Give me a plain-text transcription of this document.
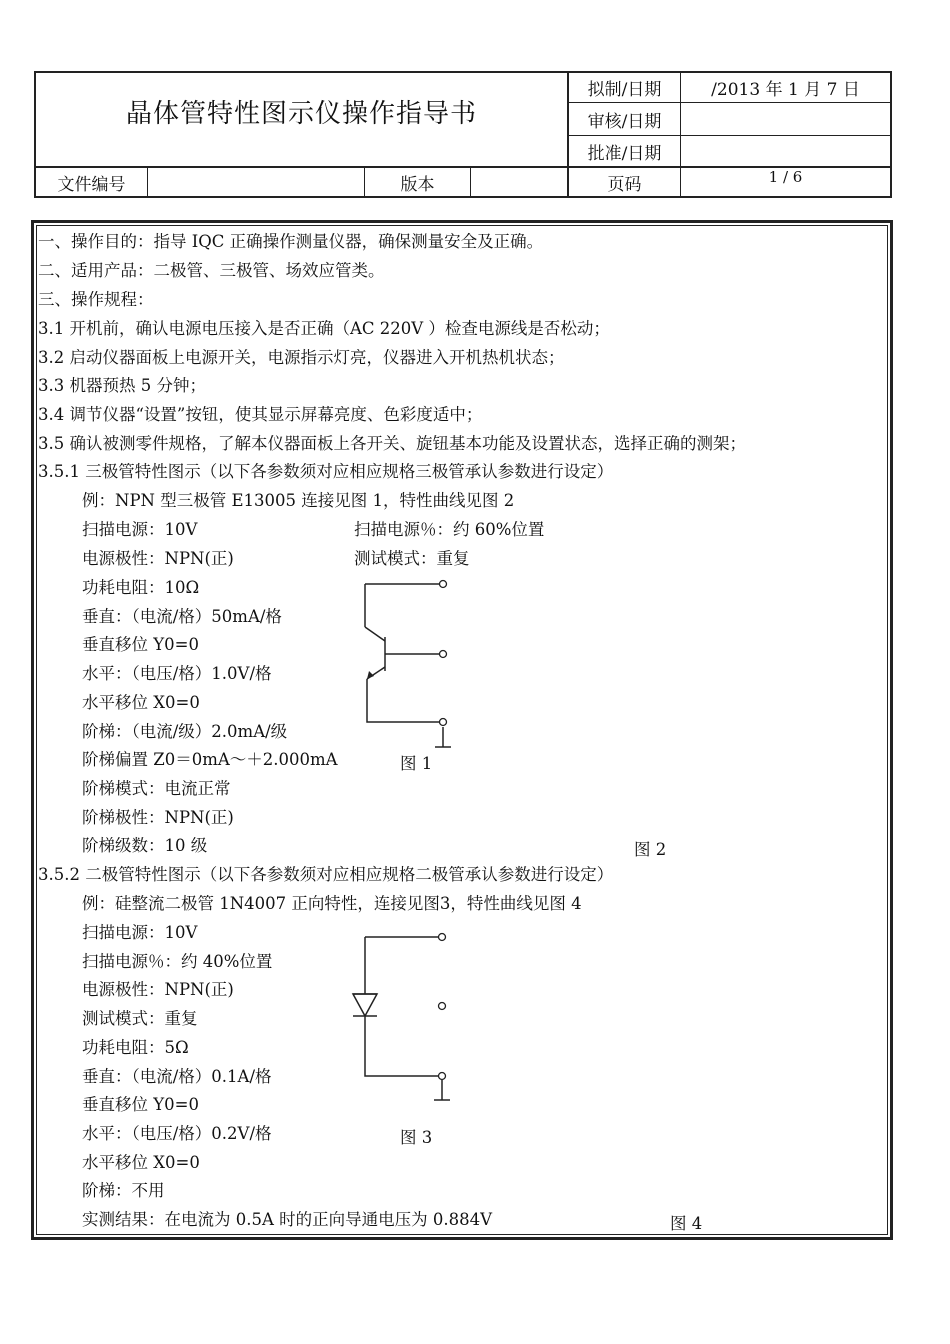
晶体管特性图示仪操作指导书
拟制/日期	/2013 年 1 月 7 日
审核/日期
批准/日期
文件编号	版本	页码	1 / 6
一、操作目的：指导 IQC 正确操作测量仪器，确保测量安全及正确。
二、适用产品：二极管、三极管、场效应管类。
三、操作规程：
3.1 开机前，确认电源电压接入是否正确（AC 220V ）检查电源线是否松动；
3.2 启动仪器面板上电源开关，电源指示灯亮，仪器进入开机热机状态；
3.3 机器预热 5 分钟；
3.4 调节仪器“设置”按钮，使其显示屏幕亮度、色彩度适中；
3.5 确认被测零件规格，了解本仪器面板上各开关、旋钮基本功能及设置状态，选择正确的测架；
3.5.1 三极管特性图示（以下各参数须对应相应规格三极管承认参数进行设定）
例：NPN 型三极管 E13005 连接见图 1，特性曲线见图 2
扫描电源：10V	扫描电源％：约 60%位置
电源极性：NPN(正)	测试模式：重复
功耗电阻：10Ω
垂直：（电流/格）50mA/格
垂直移位 Y0=0
水平：（电压/格）1.0V/格
水平移位 X0=0
阶梯：（电流/级）2.0mA/级
阶梯偏置 Z0＝0mA～＋2.000mA	图 1
阶梯模式：电流正常
阶梯极性：NPN(正)
阶梯级数：10 级	图 2
3.5.2 二极管特性图示（以下各参数须对应相应规格二极管承认参数进行设定）
例：硅整流二极管 1N4007 正向特性，连接见图3，特性曲线见图 4
扫描电源：10V
扫描电源％：约 40%位置
电源极性：NPN(正)
测试模式：重复
功耗电阻：5Ω
垂直：（电流/格）0.1A/格
垂直移位 Y0=0
水平：（电压/格）0.2V/格	图 3
水平移位 X0=0
阶梯：不用
实测结果：在电流为 0.5A 时的正向导通电压为 0.884V	图 4
